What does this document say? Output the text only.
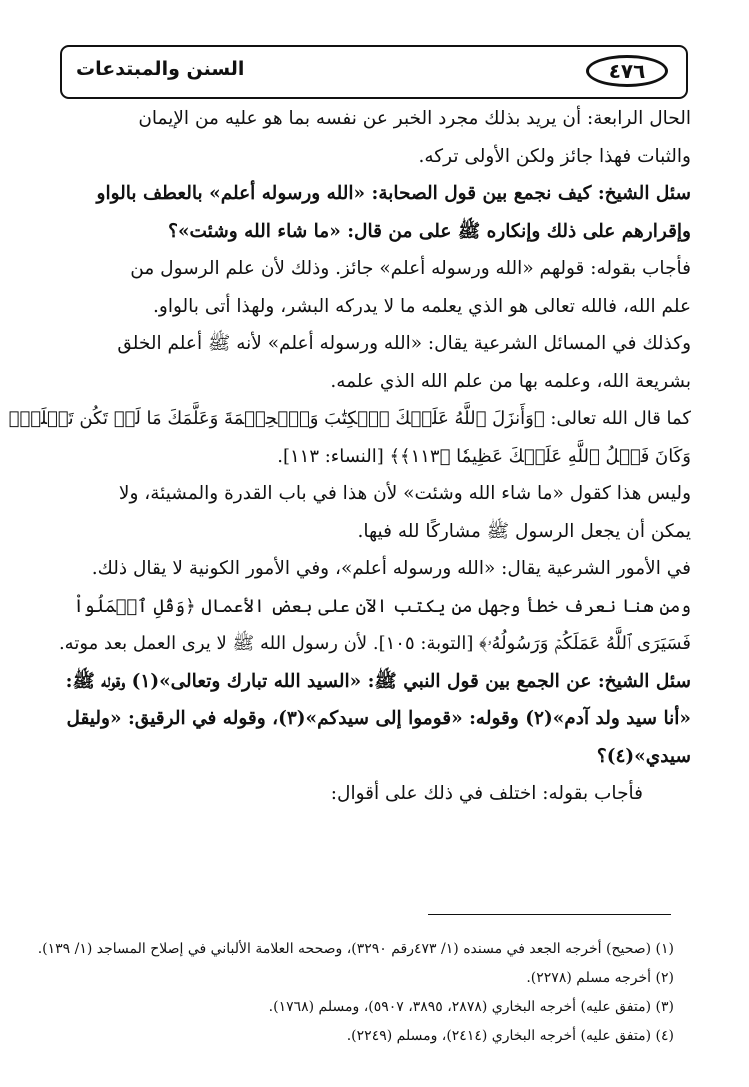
السنن والمبتدعات	٤٧٦
الحال الرابعة: أن يريد بذلك مجرد الخبر عن نفسه بما هو عليه من الإيمان
والثبات فهذا جائز ولكن الأولى تركه.
سئل الشيخ: كيف نجمع بين قول الصحابة: «الله ورسوله أعلم» بالعطف بالواو
وإقرارهم على ذلك وإنكاره ﷺ على من قال: «ما شاء الله وشئت»؟
فأجاب بقوله: قولهم «الله ورسوله أعلم» جائز. وذلك لأن علم الرسول من
علم الله، فالله تعالى هو الذي يعلمه ما لا يدركه البشر، ولهذا أتى بالواو.
وكذلك في المسائل الشرعية يقال: «الله ورسوله أعلم» لأنه ﷺ أعلم الخلق
بشريعة الله، وعلمه بها من علم الله الذي علمه.
كما قال الله تعالى: ﴿وَأَنزَلَ ٱللَّهُ عَلَيۡكَ ٱلۡكِتَٰبَ وَٱلۡحِكۡمَةَ وَعَلَّمَكَ مَا لَمۡ تَكُن تَعۡلَمُۚ
وَكَانَ فَضۡلُ ٱللَّهِ عَلَيۡكَ عَظِيمٗا ﴿١١٣﴾﴾ [النساء: ١١٣].
وليس هذا كقول «ما شاء الله وشئت» لأن هذا في باب القدرة والمشيئة، ولا
يمكن أن يجعل الرسول ﷺ مشاركًا لله فيها.
في الأمور الشرعية يقال: «الله ورسوله أعلم»، وفي الأمور الكونية لا يقال ذلك.
ومن هنا نعرف خطأ وجهل من يكتب الآن على بعض الأعمال ﴿وَقُلِ ٱعۡمَلُواْ
فَسَيَرَى ٱللَّهُ عَمَلَكُمۡ وَرَسُولُهُۥ﴾ [التوبة: ١٠٥]. لأن رسول الله ﷺ لا يرى العمل بعد موته.
سئل الشيخ: عن الجمع بين قول النبي ﷺ: «السيد الله تبارك وتعالى»(١) وقوله ﷺ:
«أنا سيد ولد آدم»(٢) وقوله: «قوموا إلى سيدكم»(٣)، وقوله في الرقيق: «وليقل
سيدي»(٤)؟
فأجاب بقوله: اختلف في ذلك على أقوال:
(١) (صحيح) أخرجه الجعد في مسنده (١/ ٤٧٣رقم ٣٢٩٠)، وصححه العلامة الألباني في إصلاح المساجد (١/ ١٣٩).
(٢) أخرجه مسلم (٢٢٧٨).
(٣) (متفق عليه) أخرجه البخاري (٢٨٧٨، ٣٨٩٥، ٥٩٠٧)، ومسلم (١٧٦٨).
(٤) (متفق عليه) أخرجه البخاري (٢٤١٤)، ومسلم (٢٢٤٩).
